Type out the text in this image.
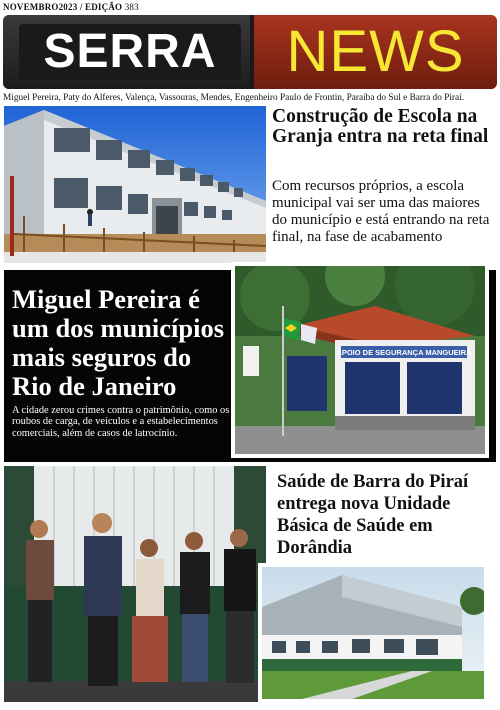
NOVEMBRO2023 / EDIÇÃO 383
SERRA NEWS
Miguel Pereira, Paty do Alferes, Valença, Vassouras, Mendes, Engenheiro Paulo de Frontin, Paraíba do Sul e Barra do Piraí.
Construção de Escola na Granja entra na reta final
Com recursos próprios, a escola municipal vai ser uma das maiores do município e está entrando na reta final, na fase de acabamento
Miguel Pereira é um dos municípios mais seguros do Rio de Janeiro
A cidade zerou crimes contra o patrimônio, como os roubos de carga, de veículos e a estabelecimentos comerciais, além de casos de latrocínio.
APOIO DE SEGURANÇA MANGUEIRA
Saúde de Barra do Piraí entrega nova Unidade Básica de Saúde em Dorândia
